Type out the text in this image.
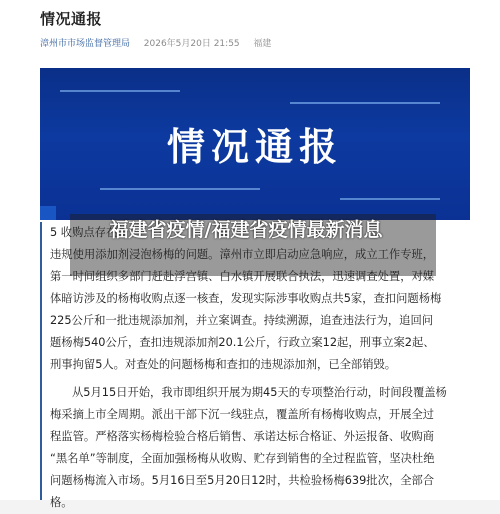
情况通报
漳州市市场监督管理局 2026年5月20日 21:55 福建
情况通报
5 收购点存在
违规使用添加剂浸泡杨梅的问题。漳州市立即启动应急响应，成立工作专班，
第一时间组织多部门赶赴浮宫镇、白水镇开展联合执法，迅速调查处置，对媒
体暗访涉及的杨梅收购点逐一核查，发现实际涉事收购点共5家，查扣问题杨梅
225公斤和一批违规添加剂，并立案调查。持续溯源，追查违法行为，追回问
题杨梅540公斤，查扣违规添加剂20.1公斤，行政立案12起，刑事立案2起、
刑事拘留5人。对查处的问题杨梅和查扣的违规添加剂，已全部销毁。
从5月15日开始，我市即组织开展为期45天的专项整治行动，时间段覆盖杨
梅采摘上市全周期。派出干部下沉一线驻点，覆盖所有杨梅收购点，开展全过
程监管。严格落实杨梅检验合格后销售、承诺达标合格证、外运报备、收购商
“黑名单”等制度，全面加强杨梅从收购、贮存到销售的全过程监管，坚决杜绝
问题杨梅流入市场。5月16日至5月20日12时，共检验杨梅639批次，全部合
格。
福建省疫情/福建省疫情最新消息
